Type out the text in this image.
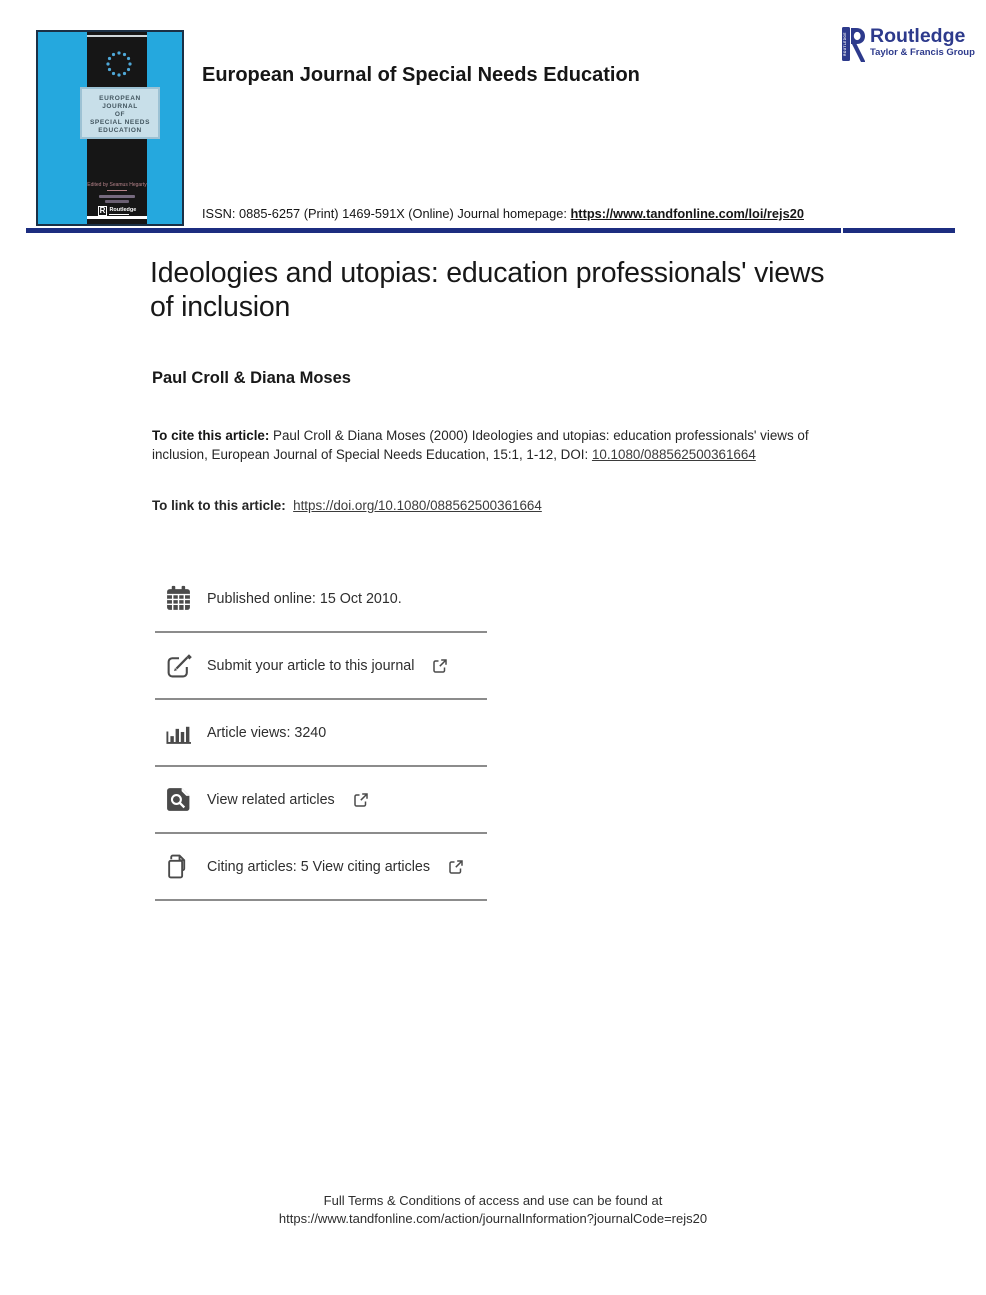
EUROPEAN
JOURNAL
OF
SPECIAL NEEDS
EDUCATION
Edited by Seamus Hegarty
R Routledge
ROUTLEDGE Routledge
Taylor & Francis Group
European Journal of Special Needs Education
ISSN: 0885-6257 (Print) 1469-591X (Online) Journal homepage: https://www.tandfonline.com/loi/rejs20
Ideologies and utopias: education professionals' views of inclusion
Paul Croll & Diana Moses
To cite this article: Paul Croll & Diana Moses (2000) Ideologies and utopias: education professionals' views of inclusion, European Journal of Special Needs Education, 15:1, 1-12, DOI: 10.1080/088562500361664
To link to this article: https://doi.org/10.1080/088562500361664
Published online: 15 Oct 2010.
Submit your article to this journal
Article views: 3240
View related articles
Citing articles: 5 View citing articles
Full Terms & Conditions of access and use can be found at
https://www.tandfonline.com/action/journalInformation?journalCode=rejs20
